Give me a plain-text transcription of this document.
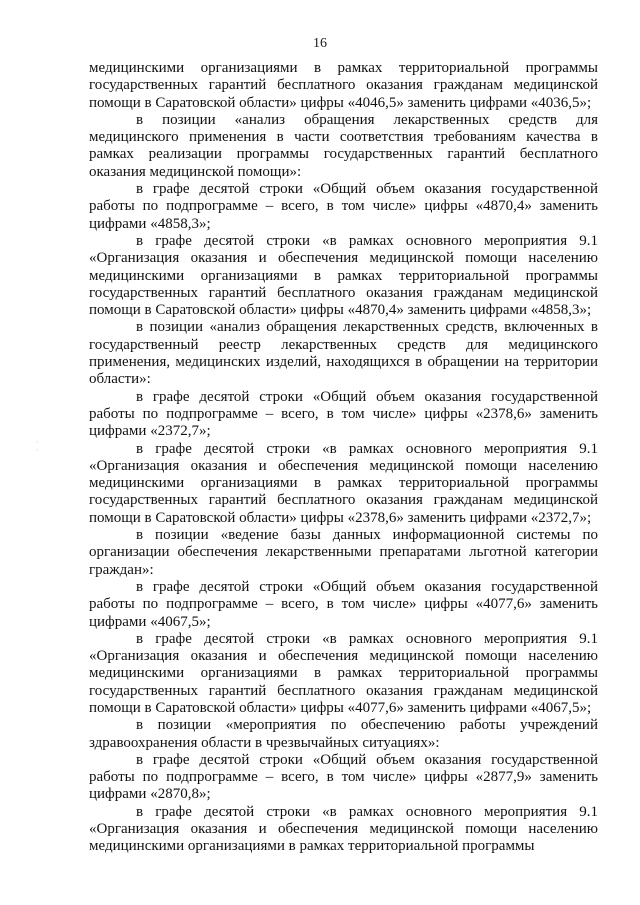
16

медицинскими организациями в рамках территориальной программы государственных гарантий бесплатного оказания гражданам медицинской помощи в Саратовской области» цифры «4046,5» заменить цифрами «4036,5»;

в позиции «анализ обращения лекарственных средств для медицинского применения в части соответствия требованиям качества в рамках реализации программы государственных гарантий бесплатного оказания медицинской помощи»:

в графе десятой строки «Общий объем оказания государственной работы по подпрограмме – всего, в том числе» цифры «4870,4» заменить цифрами «4858,3»;

в графе десятой строки «в рамках основного мероприятия 9.1 «Организация оказания и обеспечения медицинской помощи населению медицинскими организациями в рамках территориальной программы государственных гарантий бесплатного оказания гражданам медицинской помощи в Саратовской области» цифры «4870,4» заменить цифрами «4858,3»;

в позиции «анализ обращения лекарственных средств, включенных в государственный реестр лекарственных средств для медицинского применения, медицинских изделий, находящихся в обращении на территории области»:

в графе десятой строки «Общий объем оказания государственной работы по подпрограмме – всего, в том числе» цифры «2378,6» заменить цифрами «2372,7»;

в графе десятой строки «в рамках основного мероприятия 9.1 «Организация оказания и обеспечения медицинской помощи населению медицинскими организациями в рамках территориальной программы государственных гарантий бесплатного оказания гражданам медицинской помощи в Саратовской области» цифры «2378,6» заменить цифрами «2372,7»;

в позиции «ведение базы данных информационной системы по организации обеспечения лекарственными препаратами льготной категории граждан»:

в графе десятой строки «Общий объем оказания государственной работы по подпрограмме – всего, в том числе» цифры «4077,6» заменить цифрами «4067,5»;

в графе десятой строки «в рамках основного мероприятия 9.1 «Организация оказания и обеспечения медицинской помощи населению медицинскими организациями в рамках территориальной программы государственных гарантий бесплатного оказания гражданам медицинской помощи в Саратовской области» цифры «4077,6» заменить цифрами «4067,5»;

в позиции «мероприятия по обеспечению работы учреждений здравоохранения области в чрезвычайных ситуациях»:

в графе десятой строки «Общий объем оказания государственной работы по подпрограмме – всего, в том числе» цифры «2877,9» заменить цифрами «2870,8»;

в графе десятой строки «в рамках основного мероприятия 9.1 «Организация оказания и обеспечения медицинской помощи населению медицинскими организациями в рамках территориальной программы

·
·
